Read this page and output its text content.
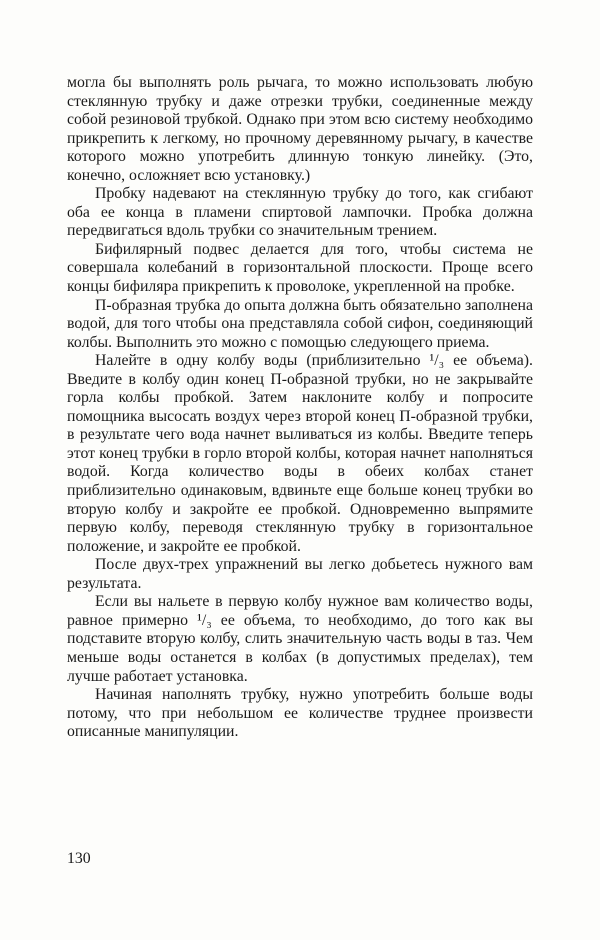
могла бы выполнять роль рычага, то можно использовать любую стеклянную трубку и даже отрезки трубки, соединенные между собой резиновой трубкой. Однако при этом всю систему необходимо прикрепить к легкому, но прочному деревянному рычагу, в качестве которого можно употребить длинную тонкую линейку. (Это, конечно, осложняет всю установку.)

Пробку надевают на стеклянную трубку до того, как сгибают оба ее конца в пламени спиртовой лампочки. Пробка должна передвигаться вдоль трубки со значительным трением.

Бифилярный подвес делается для того, чтобы система не совершала колебаний в горизонтальной плоскости. Проще всего концы бифиляра прикрепить к проволоке, укрепленной на пробке.

П-образная трубка до опыта должна быть обязательно заполнена водой, для того чтобы она представляла собой сифон, соединяющий колбы. Выполнить это можно с помощью следующего приема.

Налейте в одну колбу воды (приблизительно ¹/₃ ее объема). Введите в колбу один конец П-образной трубки, но не закрывайте горла колбы пробкой. Затем наклоните колбу и попросите помощника высосать воздух через второй конец П-образной трубки, в результате чего вода начнет выливаться из колбы. Введите теперь этот конец трубки в горло второй колбы, которая начнет наполняться водой. Когда количество воды в обеих колбах станет приблизительно одинаковым, вдвиньте еще больше конец трубки во вторую колбу и закройте ее пробкой. Одновременно выпрямите первую колбу, переводя стеклянную трубку в горизонтальное положение, и закройте ее пробкой.

После двух-трех упражнений вы легко добьетесь нужного вам результата.

Если вы нальете в первую колбу нужное вам количество воды, равное примерно ¹/₃ ее объема, то необходимо, до того как вы подставите вторую колбу, слить значительную часть воды в таз. Чем меньше воды останется в колбах (в допустимых пределах), тем лучше работает установка.

Начиная наполнять трубку, нужно употребить больше воды потому, что при небольшом ее количестве труднее произвести описанные манипуляции.

130
